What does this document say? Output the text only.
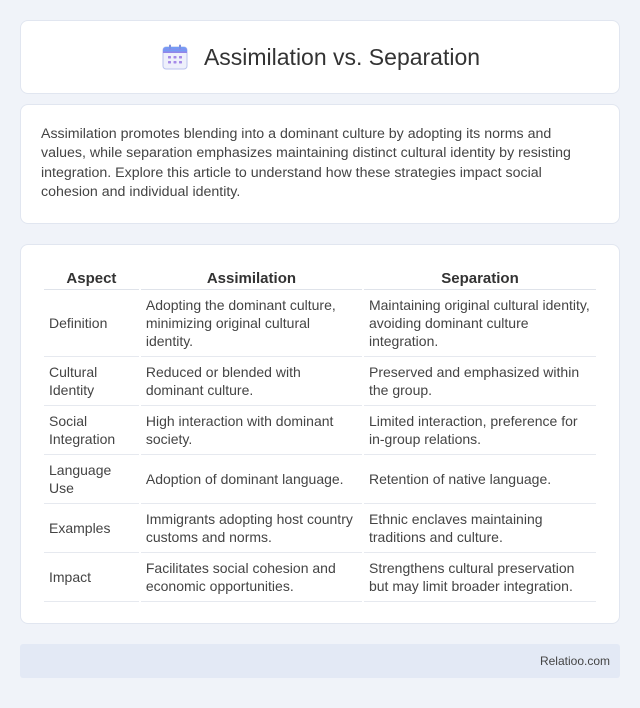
Assimilation vs. Separation

Assimilation promotes blending into a dominant culture by adopting its norms and values, while separation emphasizes maintaining distinct cultural identity by resisting integration. Explore this article to understand how these strategies impact social cohesion and individual identity.

Aspect	Assimilation	Separation
Definition	Adopting the dominant culture, minimizing original cultural identity.	Maintaining original cultural identity, avoiding dominant culture integration.
Cultural Identity	Reduced or blended with dominant culture.	Preserved and emphasized within the group.
Social Integration	High interaction with dominant society.	Limited interaction, preference for in-group relations.
Language Use	Adoption of dominant language.	Retention of native language.
Examples	Immigrants adopting host country customs and norms.	Ethnic enclaves maintaining traditions and culture.
Impact	Facilitates social cohesion and economic opportunities.	Strengthens cultural preservation but may limit broader integration.
Relatioo.com
